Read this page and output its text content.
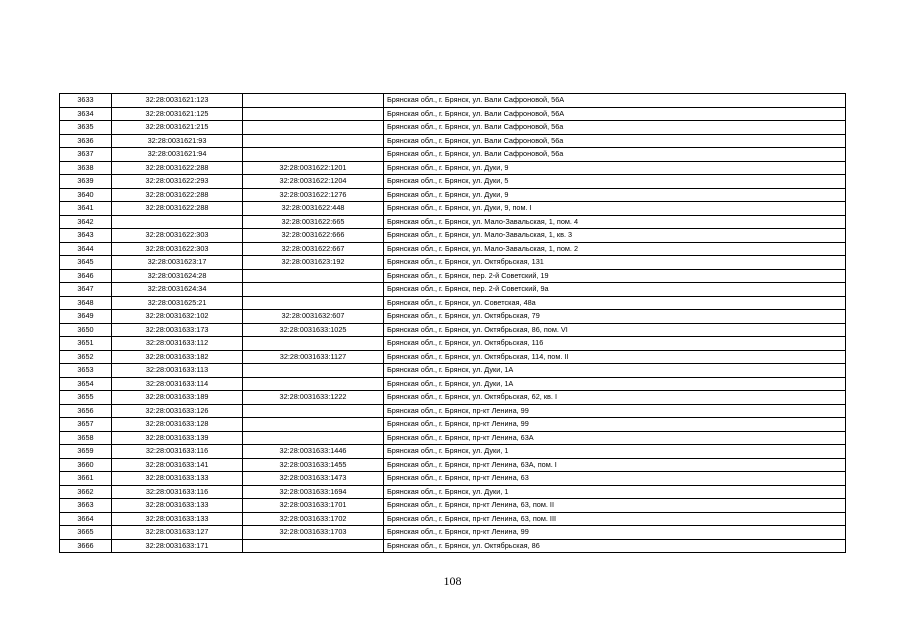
3633	32:28:0031621:123		Брянская обл., г. Брянск, ул. Вали Сафроновой, 56А
3634	32:28:0031621:125		Брянская обл., г. Брянск, ул. Вали Сафроновой, 56А
3635	32:28:0031621:215		Брянская обл., г. Брянск, ул. Вали Сафроновой, 56а
3636	32:28:0031621:93		Брянская обл., г. Брянск, ул. Вали Сафроновой, 56а
3637	32:28:0031621:94		Брянская обл., г. Брянск, ул. Вали Сафроновой, 56а
3638	32:28:0031622:288	32:28:0031622:1201	Брянская обл., г. Брянск, ул. Дуки, 9
3639	32:28:0031622:293	32:28:0031622:1204	Брянская обл., г. Брянск, ул. Дуки, 5
3640	32:28:0031622:288	32:28:0031622:1276	Брянская обл., г. Брянск, ул. Дуки, 9
3641	32:28:0031622:288	32:28:0031622:448	Брянская обл., г. Брянск, ул. Дуки, 9, пом. I
3642		32:28:0031622:665	Брянская обл., г. Брянск, ул. Мало-Завальская, 1, пом. 4
3643	32:28:0031622:303	32:28:0031622:666	Брянская обл., г. Брянск, ул. Мало-Завальская, 1, кв. 3
3644	32:28:0031622:303	32:28:0031622:667	Брянская обл., г. Брянск, ул. Мало-Завальская, 1, пом. 2
3645	32:28:0031623:17	32:28:0031623:192	Брянская обл., г. Брянск, ул. Октябрьская, 131
3646	32:28:0031624:28		Брянская обл., г. Брянск, пер. 2-й Советский, 19
3647	32:28:0031624:34		Брянская обл., г. Брянск, пер. 2-й Советский, 9а
3648	32:28:0031625:21		Брянская обл., г. Брянск, ул. Советская, 48а
3649	32:28:0031632:102	32:28:0031632:607	Брянская обл., г. Брянск, ул. Октябрьская, 79
3650	32:28:0031633:173	32:28:0031633:1025	Брянская обл., г. Брянск, ул. Октябрьская, 86, пом. VI
3651	32:28:0031633:112		Брянская обл., г. Брянск, ул. Октябрьская, 116
3652	32:28:0031633:182	32:28:0031633:1127	Брянская обл., г. Брянск, ул. Октябрьская, 114, пом. II
3653	32:28:0031633:113		Брянская обл., г. Брянск, ул. Дуки, 1А
3654	32:28:0031633:114		Брянская обл., г. Брянск, ул. Дуки, 1А
3655	32:28:0031633:189	32:28:0031633:1222	Брянская обл., г. Брянск, ул. Октябрьская, 62, кв. I
3656	32:28:0031633:126		Брянская обл., г. Брянск, пр-кт Ленина, 99
3657	32:28:0031633:128		Брянская обл., г. Брянск, пр-кт Ленина, 99
3658	32:28:0031633:139		Брянская обл., г. Брянск, пр-кт Ленина, 63А
3659	32:28:0031633:116	32:28:0031633:1446	Брянская обл., г. Брянск, ул. Дуки, 1
3660	32:28:0031633:141	32:28:0031633:1455	Брянская обл., г. Брянск, пр-кт Ленина, 63А, пом. I
3661	32:28:0031633:133	32:28:0031633:1473	Брянская обл., г. Брянск, пр-кт Ленина, 63
3662	32:28:0031633:116	32:28:0031633:1694	Брянская обл., г. Брянск, ул. Дуки, 1
3663	32:28:0031633:133	32:28:0031633:1701	Брянская обл., г. Брянск, пр-кт Ленина, 63, пом. II
3664	32:28:0031633:133	32:28:0031633:1702	Брянская обл., г. Брянск, пр-кт Ленина, 63, пом. III
3665	32:28:0031633:127	32:28:0031633:1703	Брянская обл., г. Брянск, пр-кт Ленина, 99
3666	32:28:0031633:171		Брянская обл., г. Брянск, ул. Октябрьская, 86
108
